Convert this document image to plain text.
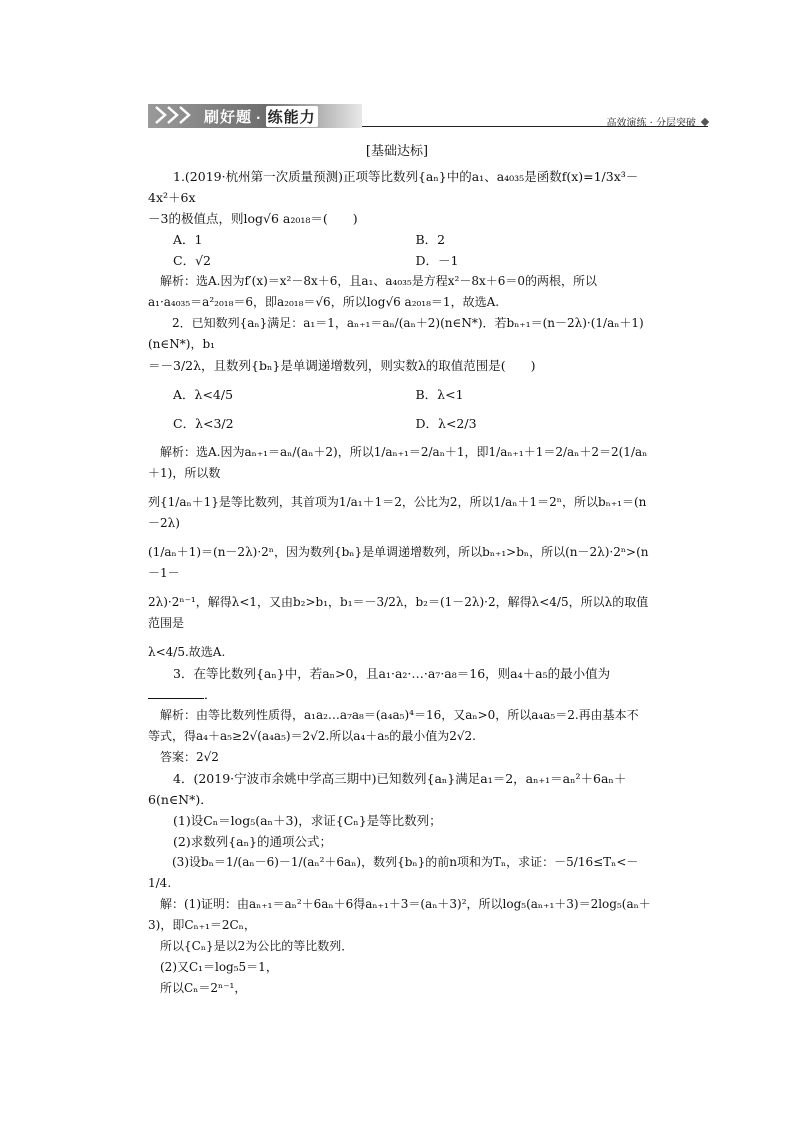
刷好题 · 练能力	高效演练 · 分层突破
[基础达标]

1.(2019·杭州第一次质量预测)正项等比数列{aₙ}中的a₁、a₄₀₃₅是函数f(x)=1/3x³－4x²＋6x

－3的极值点，则log√6 a₂₀₁₈＝(　　)

A．1	B．2
C．√2	D．－1

解析：选A.因为f′(x)＝x²－8x＋6，且a₁、a₄₀₃₅是方程x²－8x＋6＝0的两根，所以

a₁·a₄₀₃₅＝a²₂₀₁₈＝6，即a₂₀₁₈＝√6，所以log√6 a₂₀₁₈＝1，故选A.

2．已知数列{aₙ}满足：a₁＝1，aₙ₊₁＝aₙ/(aₙ＋2)(n∈N*)．若bₙ₊₁＝(n－2λ)·(1/aₙ＋1)(n∈N*)，b₁

＝－3/2λ，且数列{bₙ}是单调递增数列，则实数λ的取值范围是(　　)

A．λ<4/5	B．λ<1
C．λ<3/2	D．λ<2/3

解析：选A.因为aₙ₊₁＝aₙ/(aₙ＋2)，所以1/aₙ₊₁＝2/aₙ＋1，即1/aₙ₊₁＋1＝2/aₙ＋2＝2(1/aₙ＋1)，所以数

列{1/aₙ＋1}是等比数列，其首项为1/a₁＋1＝2，公比为2，所以1/aₙ＋1＝2ⁿ，所以bₙ₊₁＝(n－2λ)

(1/aₙ＋1)＝(n－2λ)·2ⁿ，因为数列{bₙ}是单调递增数列，所以bₙ₊₁>bₙ，所以(n－2λ)·2ⁿ>(n－1－

2λ)·2ⁿ⁻¹，解得λ<1，又由b₂>b₁，b₁＝－3/2λ，b₂＝(1－2λ)·2，解得λ<4/5，所以λ的取值范围是

λ<4/5.故选A.

3．在等比数列{aₙ}中，若aₙ>0，且a₁·a₂·…·a₇·a₈＝16，则a₄＋a₅的最小值为

．

解析：由等比数列性质得，a₁a₂…a₇a₈＝(a₄a₅)⁴＝16，又aₙ>0，所以a₄a₅＝2.再由基本不

等式，得a₄＋a₅≥2√(a₄a₅)＝2√2.所以a₄＋a₅的最小值为2√2.

答案：2√2

4．(2019·宁波市余姚中学高三期中)已知数列{aₙ}满足a₁＝2，aₙ₊₁＝aₙ²＋6aₙ＋

6(n∈N*)．

(1)设Cₙ＝log₅(aₙ＋3)，求证{Cₙ}是等比数列；

(2)求数列{aₙ}的通项公式；

(3)设bₙ＝1/(aₙ－6)－1/(aₙ²＋6aₙ)，数列{bₙ}的前n项和为Tₙ，求证：－5/16≤Tₙ<－1/4.

解：(1)证明：由aₙ₊₁＝aₙ²＋6aₙ＋6得aₙ₊₁＋3＝(aₙ＋3)²，所以log₅(aₙ₊₁＋3)＝2log₅(aₙ＋

3)，即Cₙ₊₁＝2Cₙ，

所以{Cₙ}是以2为公比的等比数列．

(2)又C₁＝log₅5＝1，

所以Cₙ＝2ⁿ⁻¹，
